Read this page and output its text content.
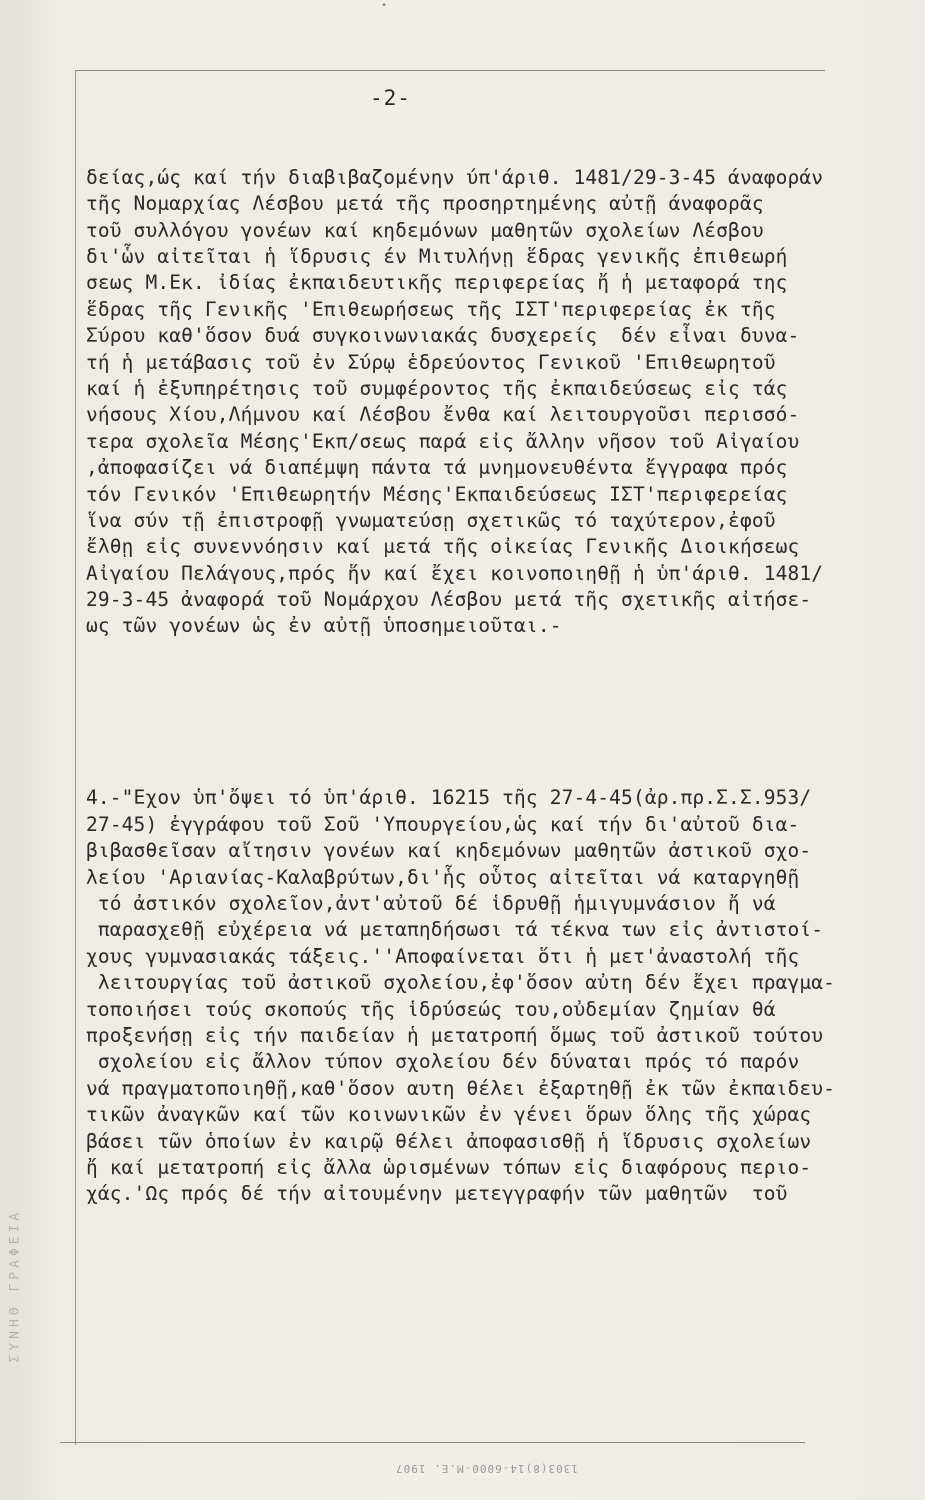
•
ΣΥΝΗΘ ΓΡΑΦΕΙΑ
-2-

δείας,ώς καί τήν διαβιβαζομένην ύπ'άριθ. 1481/29-3-45 άναφοράν
τῆς Νομαρχίας Λέσβου μετά τῆς προσηρτημένης αὐτῇ άναφορᾶς
τοῦ συλλόγου γονέων καί κηδεμόνων μαθητῶν σχολείων Λέσβου
δι'ὧν αἰτεῖται ἡ ἵδρυσις έν Μιτυλήνῃ ἕδρας γενικῆς ἐπιθεωρή
σεως Μ.Εκ. ἰδίας ἐκπαιδευτικῆς περιφερείας ἤ ἡ μεταφορά της
ἕδρας τῆς Γενικῆς 'Επιθεωρήσεως τῆς ΙΣΤ'περιφερείας ἐκ τῆς
Σύρου καθ'ὅσον δυά συγκοινωνιακάς δυσχερείς  δέν εἶναι δυνα-
τή ἡ μετάβασις τοῦ ἐν Σύρῳ ἑδρεύοντος Γενικοῦ 'Επιθεωρητοῦ
καί ἡ ἐξυπηρέτησις τοῦ συμφέροντος τῆς ἐκπαιδεύσεως εἰς τάς
νήσους Χίου,Λήμνου καί Λέσβου ἔνθα καί λειτουργοῦσι περισσό-
τερα σχολεῖα Μέσης'Εκπ/σεως παρά εἰς ἄλλην νῆσον τοῦ Αἰγαίου
,ἀποφασίζει νά διαπέμψη πάντα τά μνημονευθέντα ἔγγραφα πρός
τόν Γενικόν 'Επιθεωρητήν Μέσης'Εκπαιδεύσεως ΙΣΤ'περιφερείας
ἵνα σύν τῇ ἐπιστροφῇ γνωματεύσῃ σχετικῶς τό ταχύτερον,ἐφοῦ
ἔλθῃ εἰς συνεννόησιν καί μετά τῆς οἰκείας Γενικῆς Διοικήσεως
Αἰγαίου Πελάγους,πρός ἥν καί ἔχει κοινοποιηθῇ ἡ ὑπ'άριθ. 1481/
29-3-45 ἀναφορά τοῦ Νομάρχου Λέσβου μετά τῆς σχετικῆς αἰτήσε-
ως τῶν γονέων ὡς ἐν αὐτῇ ὑποσημειοῦται.-

4.-"Εχον ὑπ'ὄψει τό ὑπ'άριθ. 16215 τῆς 27-4-45(ἀρ.πρ.Σ.Σ.953/
27-45) ἐγγράφου τοῦ Σοῦ 'Υπουργείου,ὡς καί τήν δι'αὐτοῦ δια-
βιβασθεῖσαν αἴτησιν γονέων καί κηδεμόνων μαθητῶν ἀστικοῦ σχο-
λείου 'Αριανίας-Καλαβρύτων,δι'ἧς οὗτος αἰτεῖται νά καταργηθῇ
τό ἀστικόν σχολεῖον,ἀντ'αὐτοῦ δέ ἱδρυθῇ ἡμιγυμνάσιον ἤ νά
παρασχεθῇ εὐχέρεια νά μεταπηδήσωσι τά τέκνα των εἰς ἀντιστοί-
χους γυμνασιακάς τάξεις.''Αποφαίνεται ὅτι ἡ μετ'ἀναστολή τῆς
λειτουργίας τοῦ ἀστικοῦ σχολείου,ἐφ'ὅσον αὐτη δέν ἔχει πραγμα-
τοποιήσει τούς σκοπούς τῆς ἱδρύσεώς του,οὐδεμίαν ζημίαν θά
προξενήσῃ εἰς τήν παιδείαν ἡ μετατροπή ὅμως τοῦ ἀστικοῦ τούτου
σχολείου εἰς ἄλλον τύπον σχολείου δέν δύναται πρός τό παρόν
νά πραγματοποιηθῇ,καθ'ὅσον αυτη θέλει ἐξαρτηθῇ ἐκ τῶν ἐκπαιδευ-
τικῶν ἀναγκῶν καί τῶν κοινωνικῶν ἐν γένει ὅρων ὅλης τῆς χώρας
βάσει τῶν ὁποίων ἐν καιρῷ θέλει ἀποφασισθῇ ἡ ἵδρυσις σχολείων
ἤ καί μετατροπή εἰς ἄλλα ὡρισμένων τόπων εἰς διαφόρους περιο-
χάς.'Ως πρός δέ τήν αἰτουμένην μετεγγραφήν τῶν μαθητῶν  τοῦ

1303(8)14-6000-Μ.Ε. 1907
